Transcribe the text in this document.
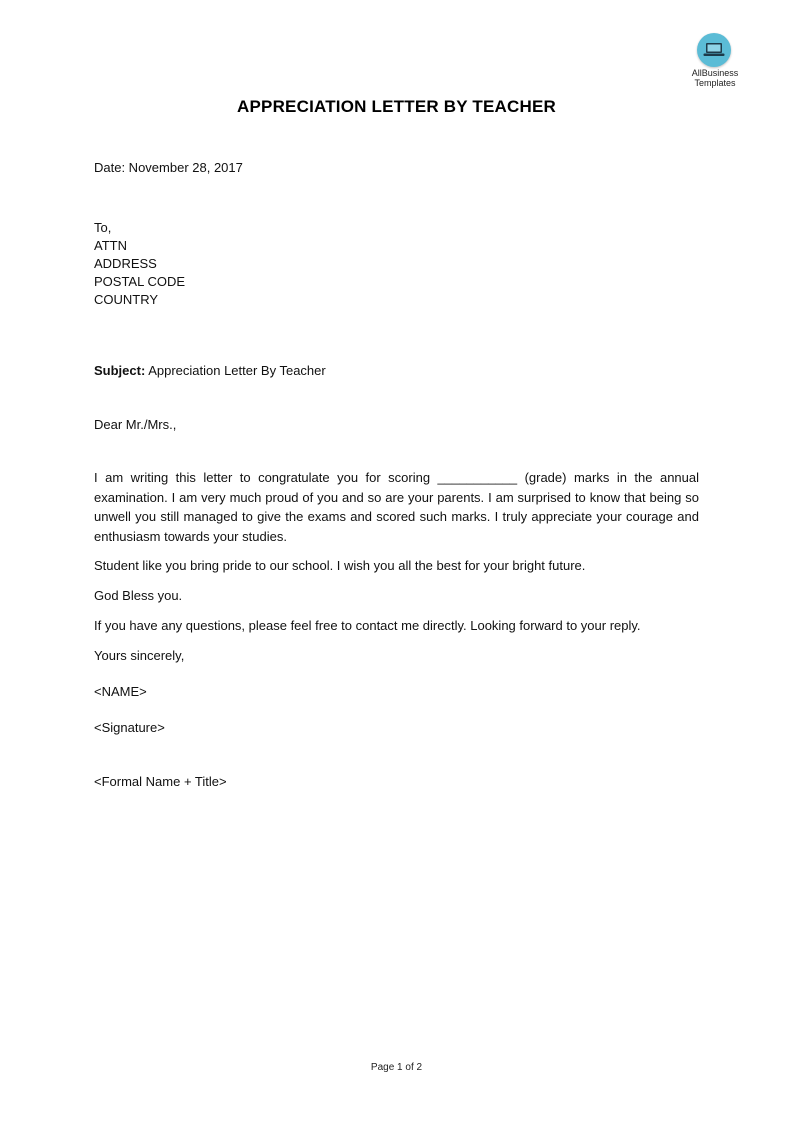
AllBusiness
Templates
APPRECIATION LETTER BY TEACHER
Date: November 28, 2017
To,
ATTN
ADDRESS
POSTAL CODE
COUNTRY
Subject: Appreciation Letter By Teacher
Dear Mr./Mrs.,
I am writing this letter to congratulate you for scoring ___________ (grade) marks in the annual examination. I am very much proud of you and so are your parents. I am surprised to know that being so unwell you still managed to give the exams and scored such marks. I truly appreciate your courage and enthusiasm towards your studies.
Student like you bring pride to our school. I wish you all the best for your bright future.
God Bless you.
If you have any questions, please feel free to contact me directly. Looking forward to your reply.
Yours sincerely,
<NAME>
<Signature>
<Formal Name + Title>
Page 1 of 2
